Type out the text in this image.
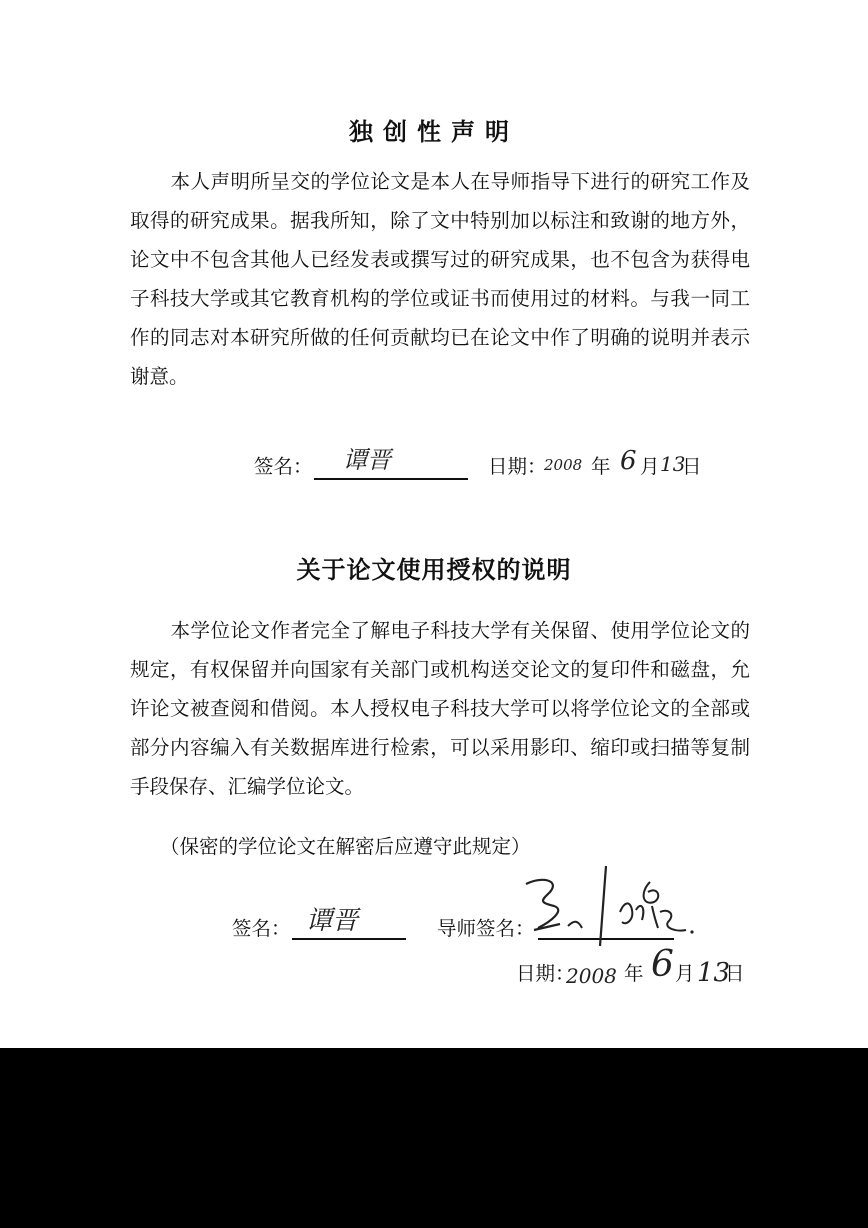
独创性声明
本人声明所呈交的学位论文是本人在导师指导下进行的研究工作及取得的研究成果。据我所知，除了文中特别加以标注和致谢的地方外，论文中不包含其他人已经发表或撰写过的研究成果，也不包含为获得电子科技大学或其它教育机构的学位或证书而使用过的材料。与我一同工作的同志对本研究所做的任何贡献均已在论文中作了明确的说明并表示谢意。
签名： 谭晋	日期：
2008 年 6 月 13
日
关于论文使用授权的说明
本学位论文作者完全了解电子科技大学有关保留、使用学位论文的规定，有权保留并向国家有关部门或机构送交论文的复印件和磁盘，允许论文被查阅和借阅。本人授权电子科技大学可以将学位论文的全部或部分内容编入有关数据库进行检索，可以采用影印、缩印或扫描等复制手段保存、汇编学位论文。
（保密的学位论文在解密后应遵守此规定）
签名： 谭晋	导师签名：
日期：
2008 年 6 月 13
日
